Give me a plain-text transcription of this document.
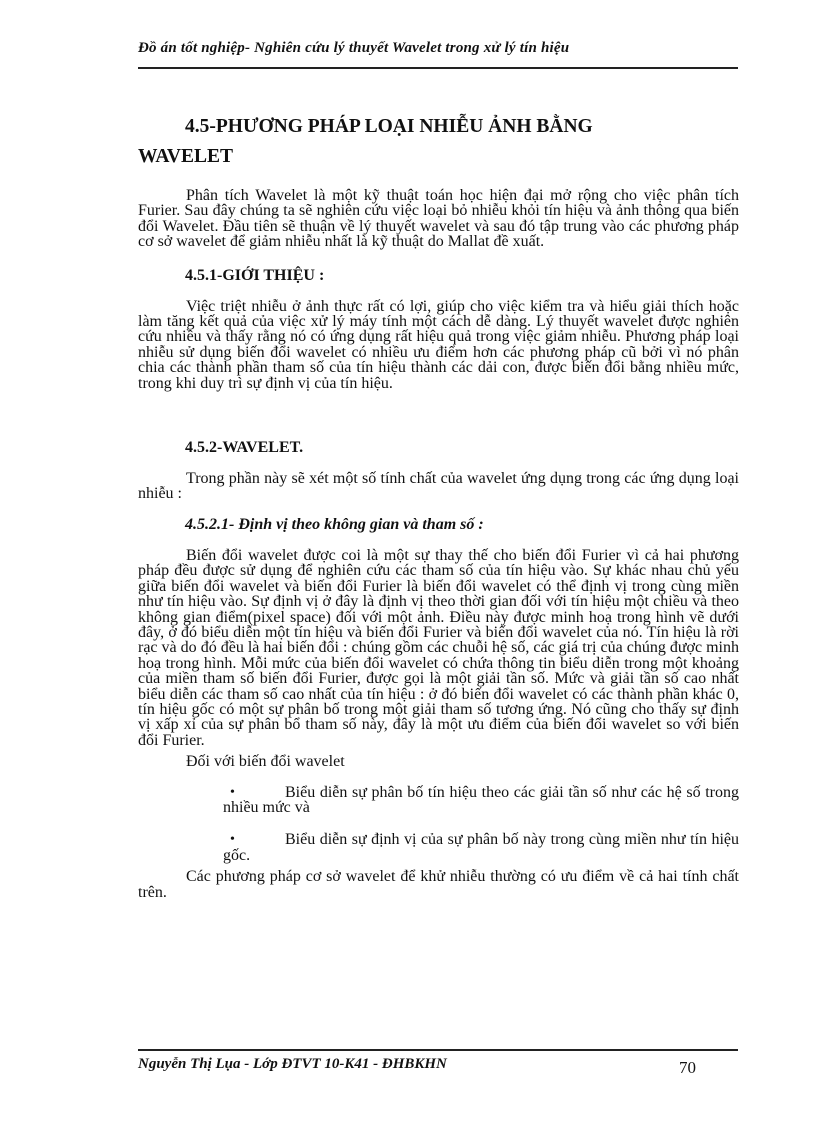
Đồ án tốt nghiệp- Nghiên cứu lý thuyết Wavelet trong xử lý tín hiệu
4.5-PHƯƠNG PHÁP LOẠI NHIỄU ẢNH BẰNG
WAVELET

Phân tích Wavelet là một kỹ thuật toán học hiện đại mở rộng cho việc phân tích Furier. Sau đây chúng ta sẽ nghiên cứu việc loại bỏ nhiễu khỏi tín hiệu và ảnh thông qua biến đổi Wavelet. Đầu tiên sẽ thuận về lý thuyết wavelet và sau đó tập trung vào các phương pháp cơ sở wavelet để giảm nhiễu nhất là kỹ thuật do Mallat đề xuất.

4.5.1-GIỚI THIỆU :

Việc triệt nhiễu ở ảnh thực rất có lợi, giúp cho việc kiểm tra và hiểu giải thích hoặc làm tăng kết quả của việc xử lý máy tính một cách dễ dàng. Lý thuyết wavelet được nghiên cứu nhiều và thấy rằng nó có ứng dụng rất hiệu quả trong việc giảm nhiễu. Phương pháp loại nhiễu sử dụng biến đổi wavelet có nhiều ưu điểm hơn các phương pháp cũ bởi vì nó phân chia các thành phần tham số của tín hiệu thành các dải con, được biến đổi bằng nhiều mức, trong khi duy trì sự định vị của tín hiệu.

4.5.2-WAVELET.

Trong phần này sẽ xét một số tính chất của wavelet ứng dụng trong các ứng dụng loại nhiễu :

4.5.2.1- Định vị theo không gian và tham số :

Biến đổi wavelet được coi là một sự thay thế cho biến đổi Furier vì cả hai phương pháp đều được sử dụng để nghiên cứu các tham số của tín hiệu vào. Sự khác nhau chủ yếu giữa biến đổi wavelet và biến đổi Furier là biến đổi wavelet có thể định vị trong cùng miền như tín hiệu vào. Sự định vị ở đây là định vị theo thời gian đối với tín hiệu một chiều và theo không gian điểm(pixel space) đối với một ảnh. Điều này được minh hoạ trong hình vẽ dưới đây, ở đó biểu diễn một tín hiệu và biến đổi Furier và biến đổi wavelet của nó. Tín hiệu là rời rạc và do đó đều là hai biến đổi : chúng gồm các chuỗi hệ số, các giá trị của chúng được minh hoạ trong hình. Mỗi mức của biến đổi wavelet có chứa thông tin biểu diễn trong một khoảng của miền tham số biến đổi Furier, được gọi là một giải tần số. Mức và giải tần số cao nhất biểu diễn các tham số cao nhất của tín hiệu : ở đó biến đổi wavelet có các thành phần khác 0, tín hiệu gốc có một sự phân bố trong một giải tham số tương ứng. Nó cũng cho thấy sự định vị xấp xỉ của sự phân bổ tham số này, đây là một ưu điểm của biến đổi wavelet so với biến đổi Furier.

Đối với biến đổi wavelet

•	Biểu diễn sự phân bố tín hiệu theo các giải tần số như các hệ số trong nhiều mức và

•	Biểu diễn sự định vị của sự phân bố này trong cùng miền như tín hiệu gốc.

Các phương pháp cơ sở wavelet để khử nhiễu thường có ưu điểm về cả hai tính chất trên.

Nguyễn Thị Lụa - Lớp ĐTVT 10-K41 - ĐHBKHN	70
